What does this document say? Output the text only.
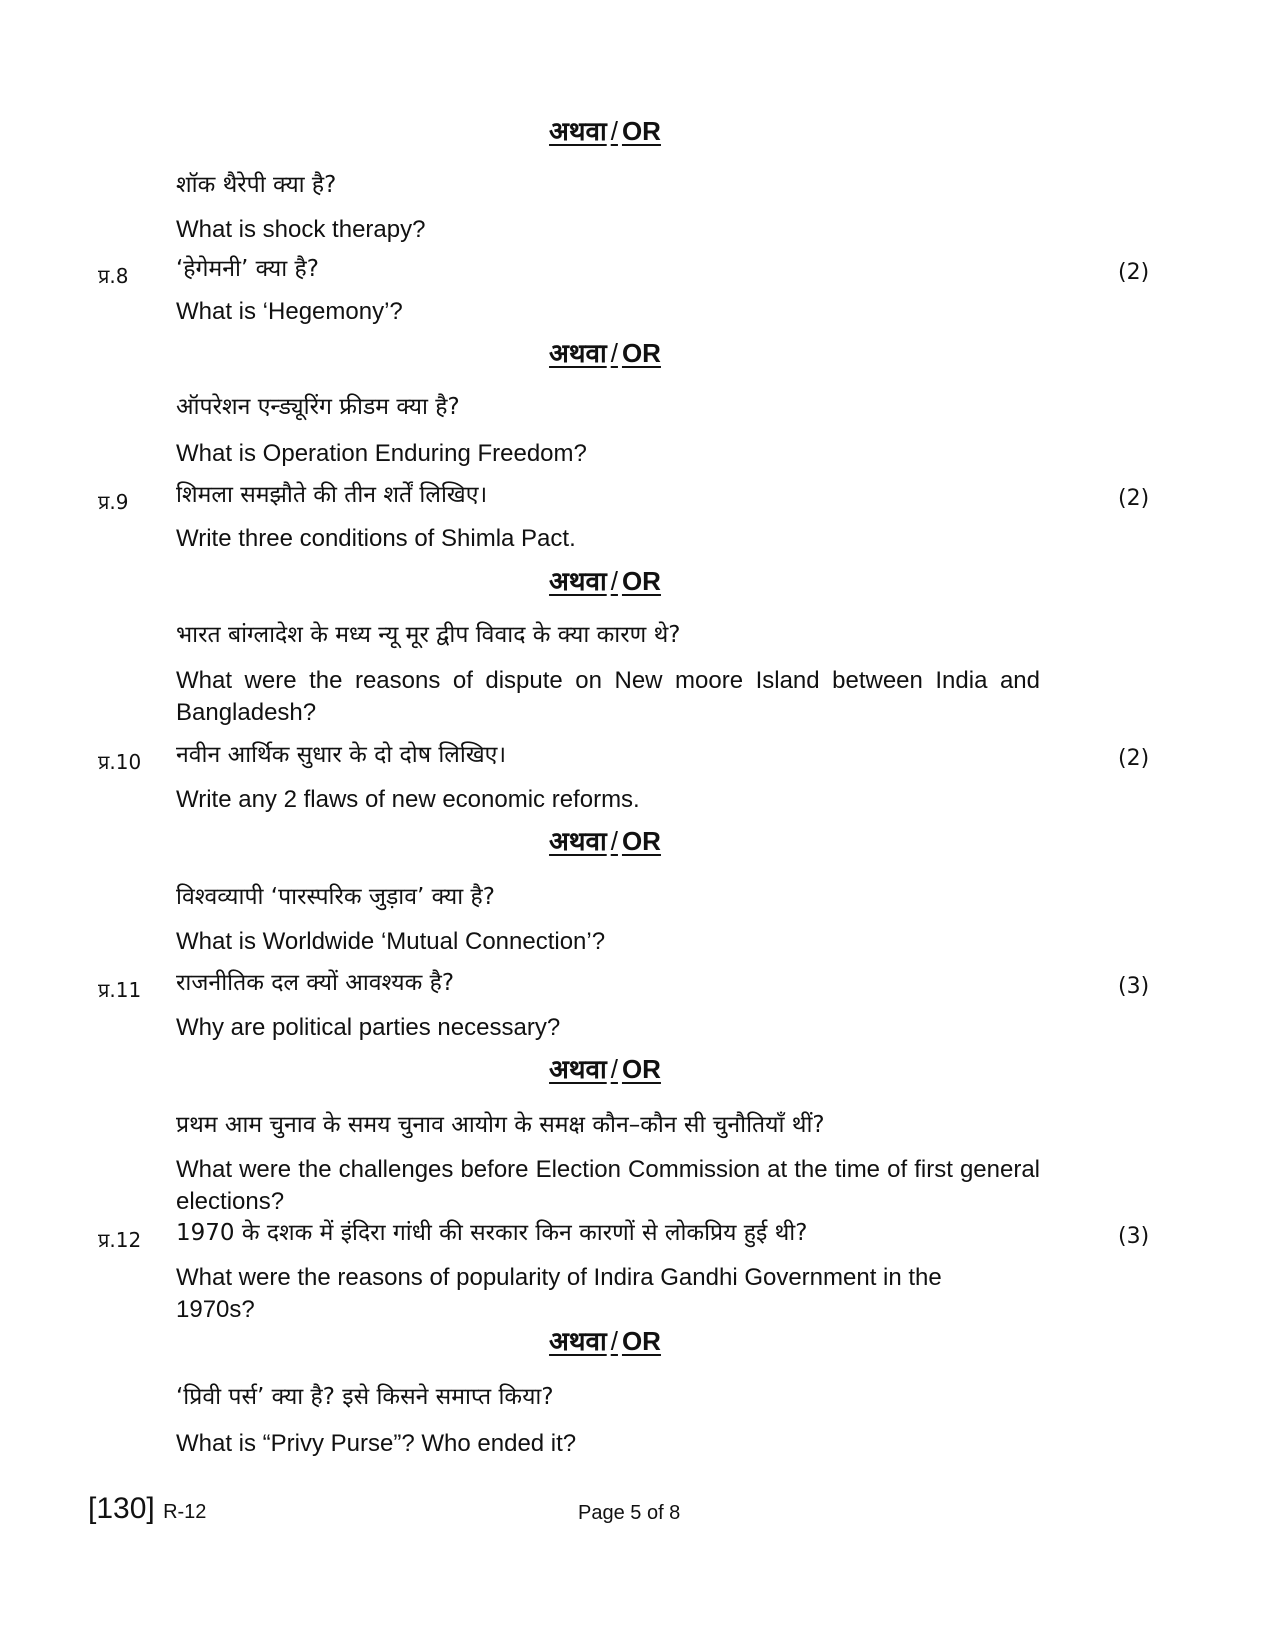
अथवा / OR
शॉक थैरेपी क्या है?
What is shock therapy?
प्र.8 ‘हेगेमनी’ क्या है?	(2)
What is ‘Hegemony’?
अथवा / OR
ऑपरेशन एन्ड्यूरिंग फ्रीडम क्या है?
What is Operation Enduring Freedom?
प्र.9 शिमला समझौते की तीन शर्तें लिखिए।	(2)
Write three conditions of Shimla Pact.
अथवा / OR
भारत बांग्लादेश के मध्य न्यू मूर द्वीप विवाद के क्या कारण थे?
What were the reasons of dispute on New moore Island between India and Bangladesh?
प्र.10 नवीन आर्थिक सुधार के दो दोष लिखिए।	(2)
Write any 2 flaws of new economic reforms.
अथवा / OR
विश्वव्यापी ‘पारस्परिक जुड़ाव’ क्या है?
What is Worldwide ‘Mutual Connection’?
प्र.11 राजनीतिक दल क्यों आवश्यक है?	(3)
Why are political parties necessary?
अथवा / OR
प्रथम आम चुनाव के समय चुनाव आयोग के समक्ष कौन–कौन सी चुनौतियाँ थीं?
What were the challenges before Election Commission at the time of first general elections?
प्र.12 1970 के दशक में इंदिरा गांधी की सरकार किन कारणों से लोकप्रिय हुई थी?	(3)
What were the reasons of popularity of Indira Gandhi Government in the 1970s?
अथवा / OR
‘प्रिवी पर्स’ क्या है? इसे किसने समाप्त किया?
What is “Privy Purse”? Who ended it?
[130] R-12	Page 5 of 8
